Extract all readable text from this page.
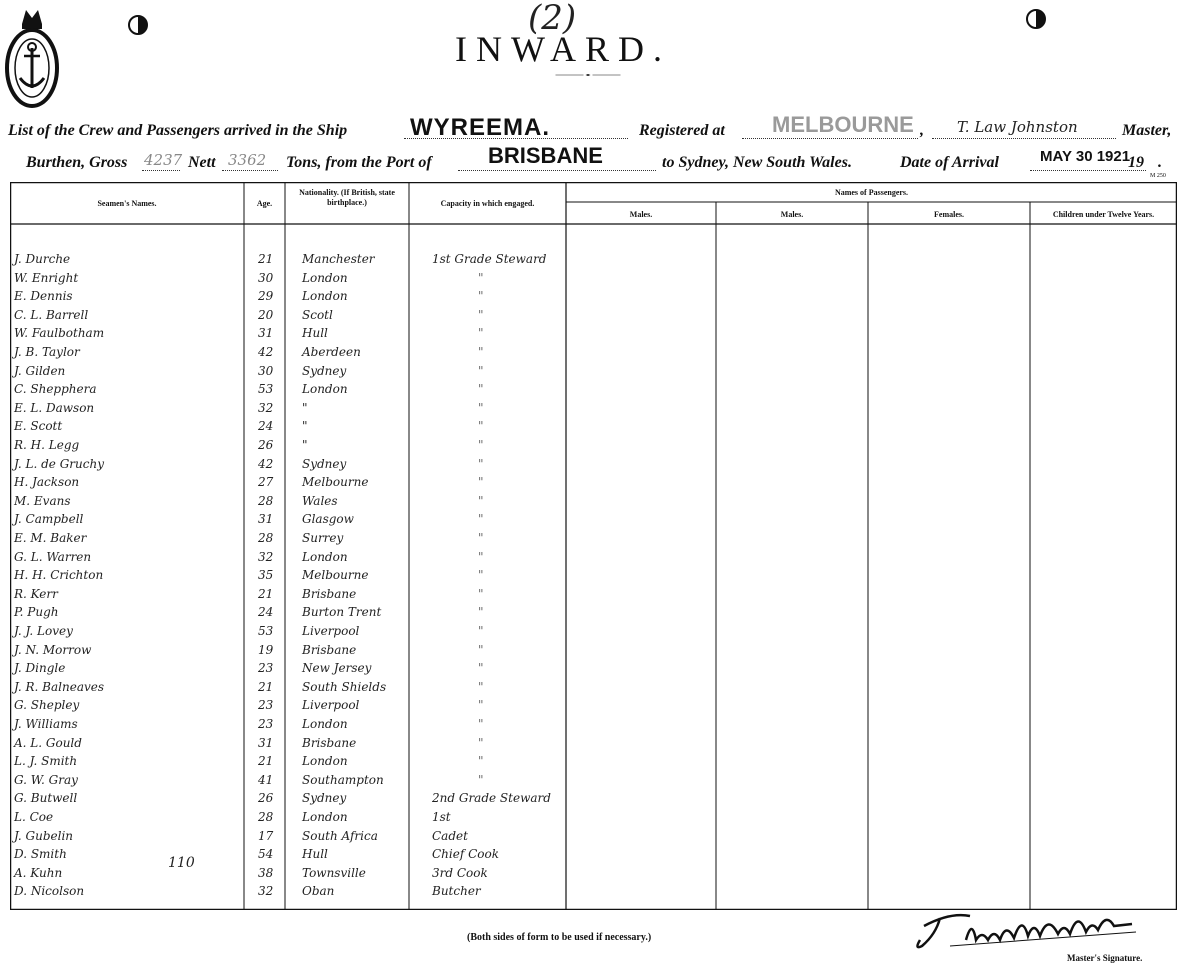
(2)
INWARD.
List of the Crew and Passengers arrived in the Ship	WYREEMA.	Registered at MELBOURNE , T. Law Johnston	Master,
Burthen, Gross 4237 Nett 3362 Tons, from the Port of	BRISBANE	to Sydney, New South Wales.	Date of Arrival	MAY 30 1921
19 .
M 250
Seamen's Names.	Age.
Nationality. (If British, state birthplace.)	Capacity in which engaged.
Names of Passengers.
Males.	Males.	Females.	Children under Twelve Years.
J. Durche	21 Manchester	1st Grade Steward
W. Enright	30 London	"
E. Dennis	29 London	"
C. L. Barrell	20 Scotl	"
W. Faulbotham	31 Hull	"
J. B. Taylor	42 Aberdeen	"
J. Gilden	30 Sydney	"
C. Shepphera	53 London	"
E. L. Dawson	32 "	"
E. Scott	24 "	"
R. H. Legg	26 "	"
J. L. de Gruchy	42 Sydney	"
H. Jackson	27 Melbourne	"
M. Evans	28 Wales	"
J. Campbell	31 Glasgow	"
E. M. Baker	28 Surrey	"
G. L. Warren	32 London	"
H. H. Crichton	35 Melbourne	"
R. Kerr	21 Brisbane	"
P. Pugh	24 Burton Trent	"
J. J. Lovey	53 Liverpool	"
J. N. Morrow	19 Brisbane	"
J. Dingle	23 New Jersey	"
J. R. Balneaves	21 South Shields	"
G. Shepley	23 Liverpool	"
J. Williams	23 London	"
A. L. Gould	31 Brisbane	"
L. J. Smith	21 London	"
G. W. Gray	41 Southampton	"
G. Butwell	26 Sydney	2nd Grade Steward
L. Coe	28 London	1st
J. Gubelin	17 South Africa	Cadet
D. Smith	54 Hull	Chief Cook
A. Kuhn	38 Townsville	3rd Cook
D. Nicolson	32 Oban	Butcher
110
(Both sides of form to be used if necessary.)
Master's Signature.
